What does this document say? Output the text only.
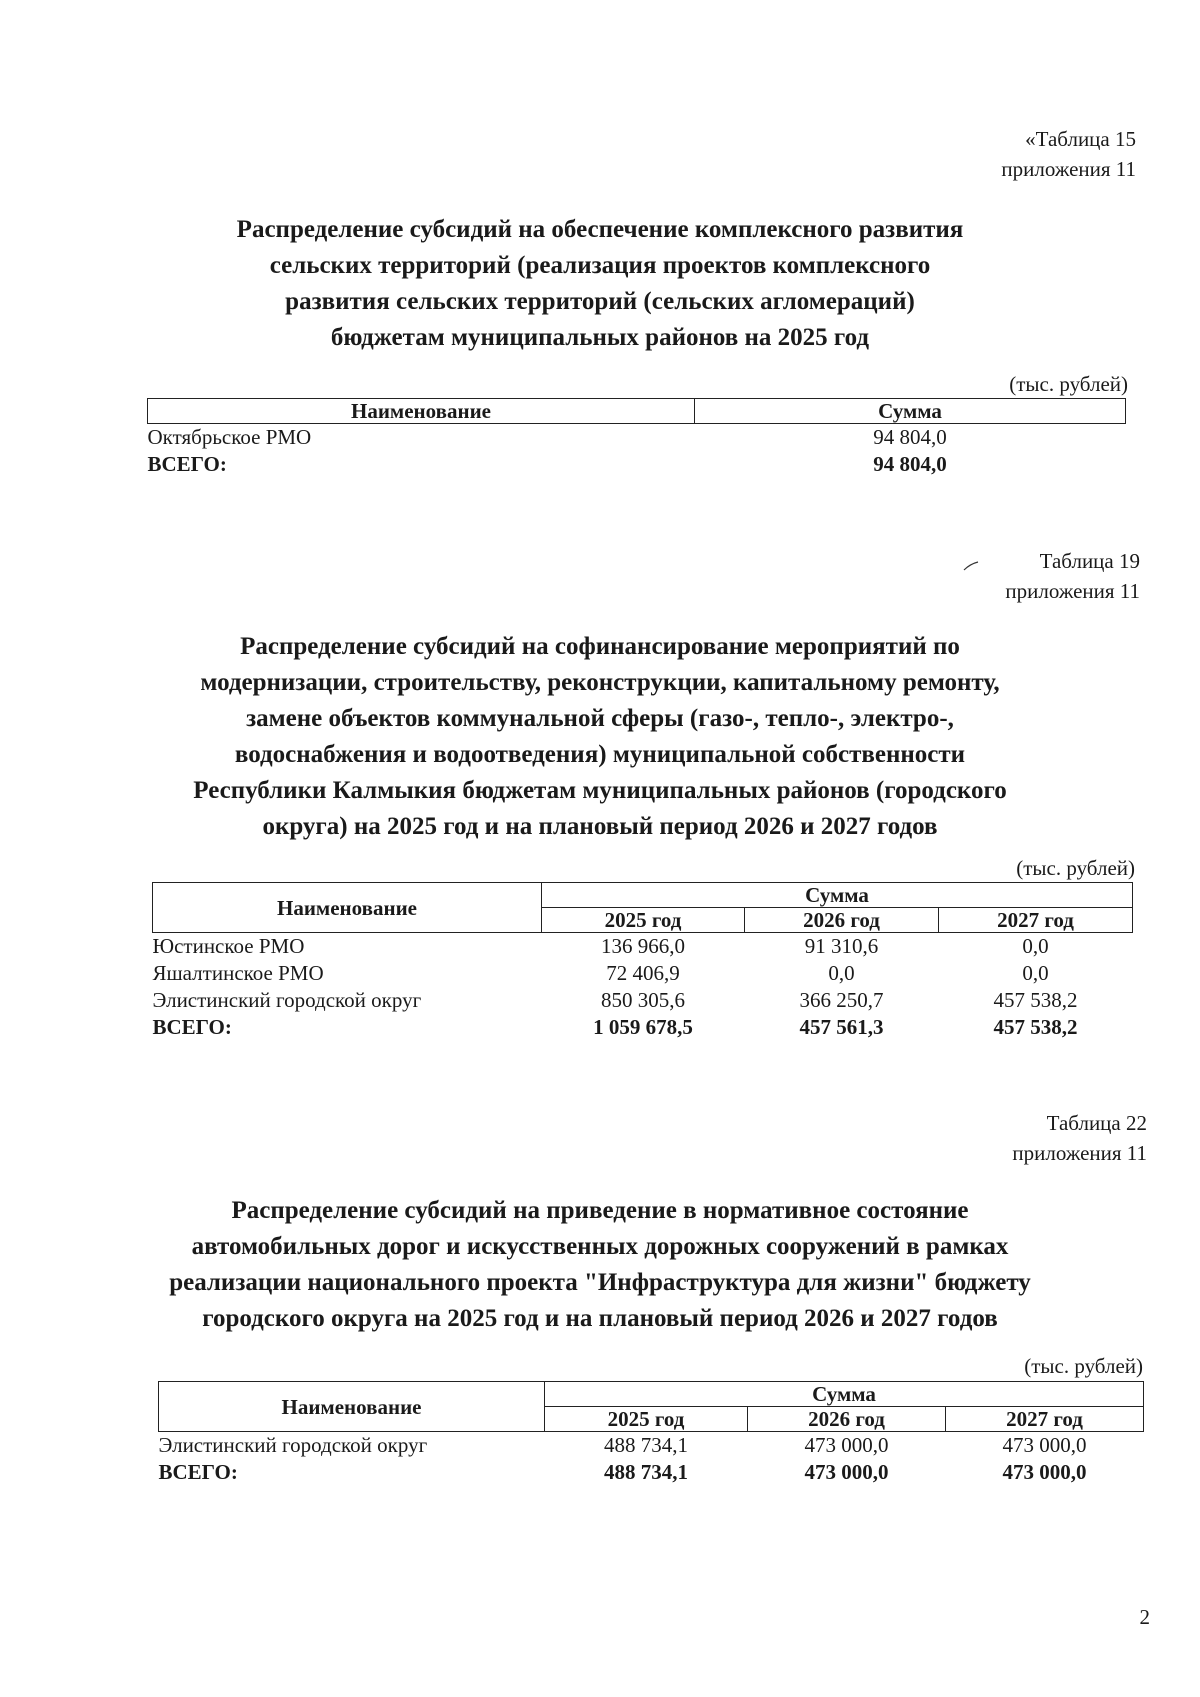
«Таблица 15
приложения 11
Распределение субсидий на обеспечение комплексного развития
сельских территорий (реализация проектов комплексного
развития сельских территорий (сельских агломераций)
бюджетам муниципальных районов на 2025 год
(тыс. рублей)
Наименование	Сумма
Октябрьское РМО	94 804,0
ВСЕГО:	94 804,0
Таблица 19
приложения 11
Распределение субсидий на софинансирование мероприятий по
модернизации, строительству, реконструкции, капитальному ремонту,
замене объектов коммунальной сферы (газо-, тепло-, электро-,
водоснабжения и водоотведения) муниципальной собственности
Республики Калмыкия бюджетам муниципальных районов (городского
округа) на 2025 год и на плановый период 2026 и 2027 годов
(тыс. рублей)
Наименование	Сумма		
	2025 год	2026 год	2027 год
Юстинское РМО	136 966,0	91 310,6	0,0
Яшалтинское РМО	72 406,9	0,0	0,0
Элистинский городской округ	850 305,6	366 250,7	457 538,2
ВСЕГО:	1 059 678,5	457 561,3	457 538,2
Таблица 22
приложения 11
Распределение субсидий на приведение в нормативное состояние
автомобильных дорог и искусственных дорожных сооружений в рамках
реализации национального проекта "Инфраструктура для жизни" бюджету
городского округа на 2025 год и на плановый период 2026 и 2027 годов
(тыс. рублей)
Наименование	Сумма		
	2025 год	2026 год	2027 год
Элистинский городской округ	488 734,1	473 000,0	473 000,0
ВСЕГО:	488 734,1	473 000,0	473 000,0
2
